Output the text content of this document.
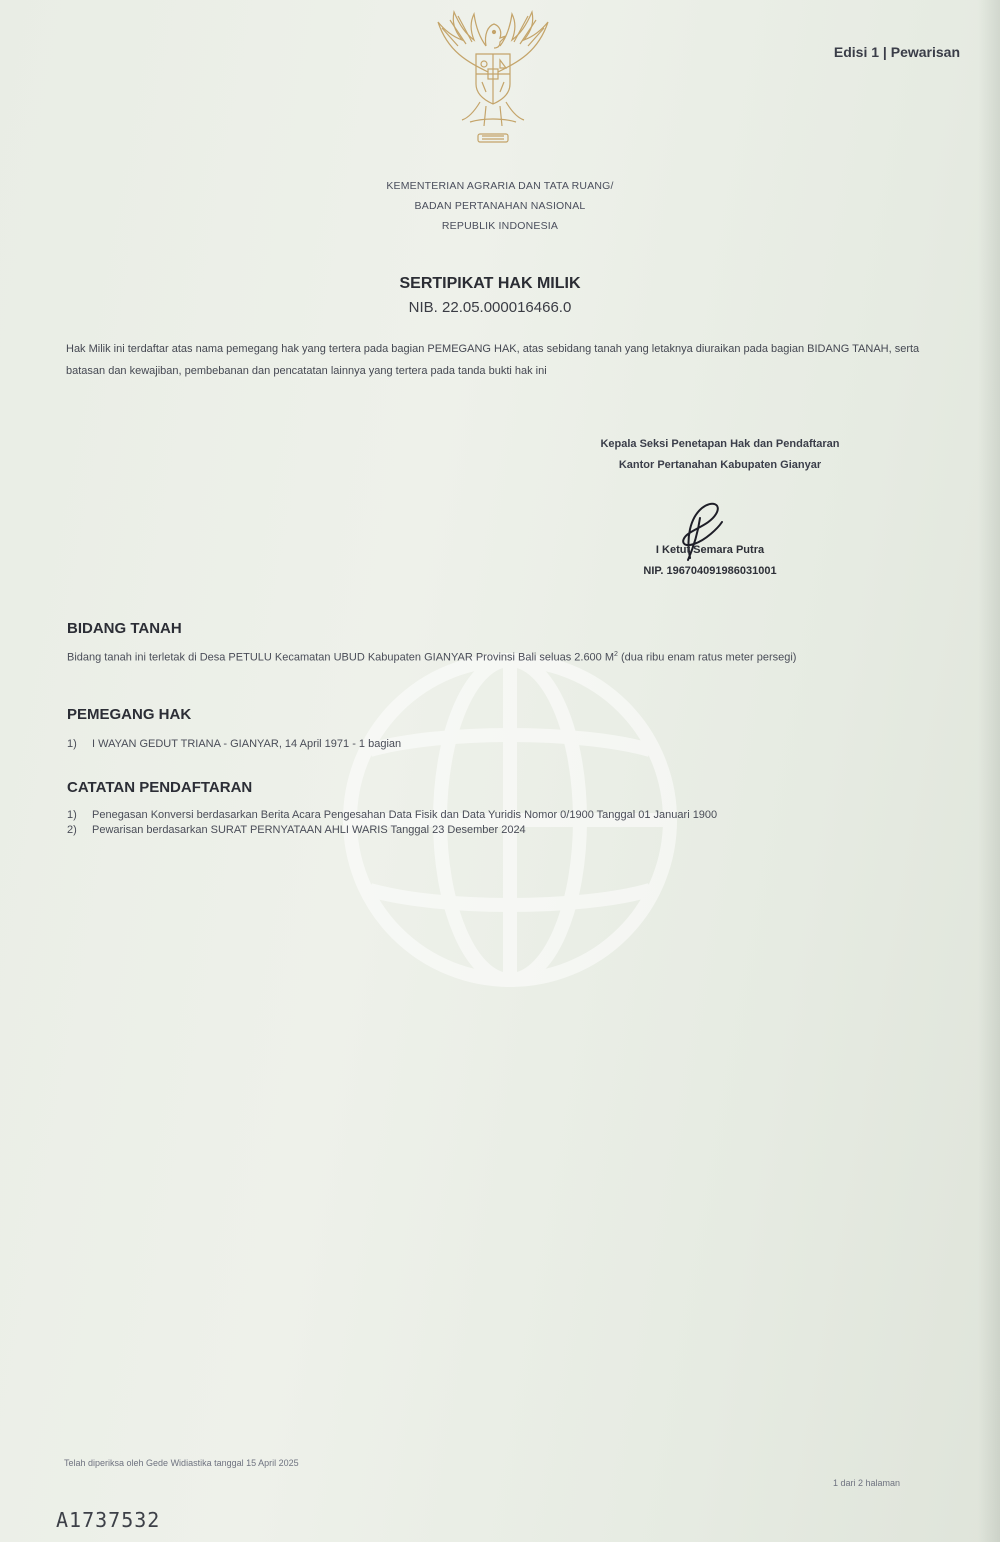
Edisi 1 | Pewarisan
KEMENTERIAN AGRARIA DAN TATA RUANG/
BADAN PERTANAHAN NASIONAL
REPUBLIK INDONESIA
SERTIPIKAT HAK MILIK
NIB. 22.05.000016466.0
Hak Milik ini terdaftar atas nama pemegang hak yang tertera pada bagian PEMEGANG HAK, atas sebidang tanah yang letaknya diuraikan pada bagian BIDANG TANAH, serta batasan dan kewajiban, pembebanan dan pencatatan lainnya yang tertera pada tanda bukti hak ini
Kepala Seksi Penetapan Hak dan Pendaftaran
Kantor Pertanahan Kabupaten Gianyar
I Ketut Semara Putra
NIP. 196704091986031001
BIDANG TANAH
Bidang tanah ini terletak di Desa PETULU Kecamatan UBUD Kabupaten GIANYAR Provinsi Bali seluas 2.600 $M^2$ (dua ribu enam ratus meter persegi)
PEMEGANG HAK
1)	I WAYAN GEDUT TRIANA - GIANYAR, 14 April 1971 - 1 bagian
CATATAN PENDAFTARAN
1)	Penegasan Konversi berdasarkan Berita Acara Pengesahan Data Fisik dan Data Yuridis Nomor 0/1900 Tanggal 01 Januari 1900
2)	Pewarisan berdasarkan SURAT PERNYATAAN AHLI WARIS Tanggal 23 Desember 2024
Telah diperiksa oleh Gede Widiastika tanggal 15 April 2025
1 dari 2 halaman
A1737532
